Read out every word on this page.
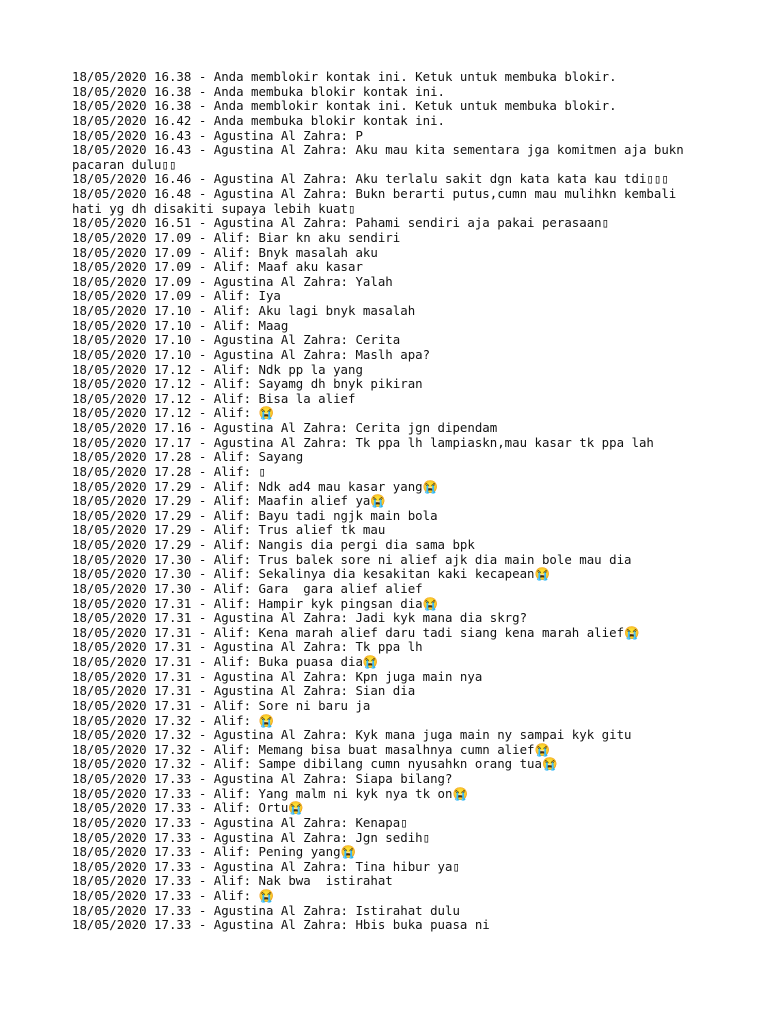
18/05/2020 16.38 - Anda memblokir kontak ini. Ketuk untuk membuka blokir.
18/05/2020 16.38 - Anda membuka blokir kontak ini.
18/05/2020 16.38 - Anda memblokir kontak ini. Ketuk untuk membuka blokir.
18/05/2020 16.42 - Anda membuka blokir kontak ini.
18/05/2020 16.43 - Agustina Al Zahra: P
18/05/2020 16.43 - Agustina Al Zahra: Aku mau kita sementara jga komitmen aja bukn
pacaran dulu▯▯
18/05/2020 16.46 - Agustina Al Zahra: Aku terlalu sakit dgn kata kata kau tdi▯▯▯
18/05/2020 16.48 - Agustina Al Zahra: Bukn berarti putus,cumn mau mulihkn kembali
hati yg dh disakiti supaya lebih kuat▯
18/05/2020 16.51 - Agustina Al Zahra: Pahami sendiri aja pakai perasaan▯
18/05/2020 17.09 - Alif: Biar kn aku sendiri
18/05/2020 17.09 - Alif: Bnyk masalah aku
18/05/2020 17.09 - Alif: Maaf aku kasar
18/05/2020 17.09 - Agustina Al Zahra: Yalah
18/05/2020 17.09 - Alif: Iya
18/05/2020 17.10 - Alif: Aku lagi bnyk masalah
18/05/2020 17.10 - Alif: Maag
18/05/2020 17.10 - Agustina Al Zahra: Cerita
18/05/2020 17.10 - Agustina Al Zahra: Maslh apa?
18/05/2020 17.12 - Alif: Ndk pp la yang
18/05/2020 17.12 - Alif: Sayamg dh bnyk pikiran
18/05/2020 17.12 - Alif: Bisa la alief
18/05/2020 17.12 - Alif: 😭
18/05/2020 17.16 - Agustina Al Zahra: Cerita jgn dipendam
18/05/2020 17.17 - Agustina Al Zahra: Tk ppa lh lampiaskn,mau kasar tk ppa lah
18/05/2020 17.28 - Alif: Sayang
18/05/2020 17.28 - Alif: ▯
18/05/2020 17.29 - Alif: Ndk ad4 mau kasar yang😭
18/05/2020 17.29 - Alif: Maafin alief ya😭
18/05/2020 17.29 - Alif: Bayu tadi ngjk main bola
18/05/2020 17.29 - Alif: Trus alief tk mau
18/05/2020 17.29 - Alif: Nangis dia pergi dia sama bpk
18/05/2020 17.30 - Alif: Trus balek sore ni alief ajk dia main bole mau dia
18/05/2020 17.30 - Alif: Sekalinya dia kesakitan kaki kecapean😭
18/05/2020 17.30 - Alif: Gara  gara alief alief
18/05/2020 17.31 - Alif: Hampir kyk pingsan dia😭
18/05/2020 17.31 - Agustina Al Zahra: Jadi kyk mana dia skrg?
18/05/2020 17.31 - Alif: Kena marah alief daru tadi siang kena marah alief😭
18/05/2020 17.31 - Agustina Al Zahra: Tk ppa lh
18/05/2020 17.31 - Alif: Buka puasa dia😭
18/05/2020 17.31 - Agustina Al Zahra: Kpn juga main nya
18/05/2020 17.31 - Agustina Al Zahra: Sian dia
18/05/2020 17.31 - Alif: Sore ni baru ja
18/05/2020 17.32 - Alif: 😭
18/05/2020 17.32 - Agustina Al Zahra: Kyk mana juga main ny sampai kyk gitu
18/05/2020 17.32 - Alif: Memang bisa buat masalhnya cumn alief😭
18/05/2020 17.32 - Alif: Sampe dibilang cumn nyusahkn orang tua😭
18/05/2020 17.33 - Agustina Al Zahra: Siapa bilang?
18/05/2020 17.33 - Alif: Yang malm ni kyk nya tk on😭
18/05/2020 17.33 - Alif: Ortu😭
18/05/2020 17.33 - Agustina Al Zahra: Kenapa▯
18/05/2020 17.33 - Agustina Al Zahra: Jgn sedih▯
18/05/2020 17.33 - Alif: Pening yang😭
18/05/2020 17.33 - Agustina Al Zahra: Tina hibur ya▯
18/05/2020 17.33 - Alif: Nak bwa  istirahat
18/05/2020 17.33 - Alif: 😭
18/05/2020 17.33 - Agustina Al Zahra: Istirahat dulu
18/05/2020 17.33 - Agustina Al Zahra: Hbis buka puasa ni
